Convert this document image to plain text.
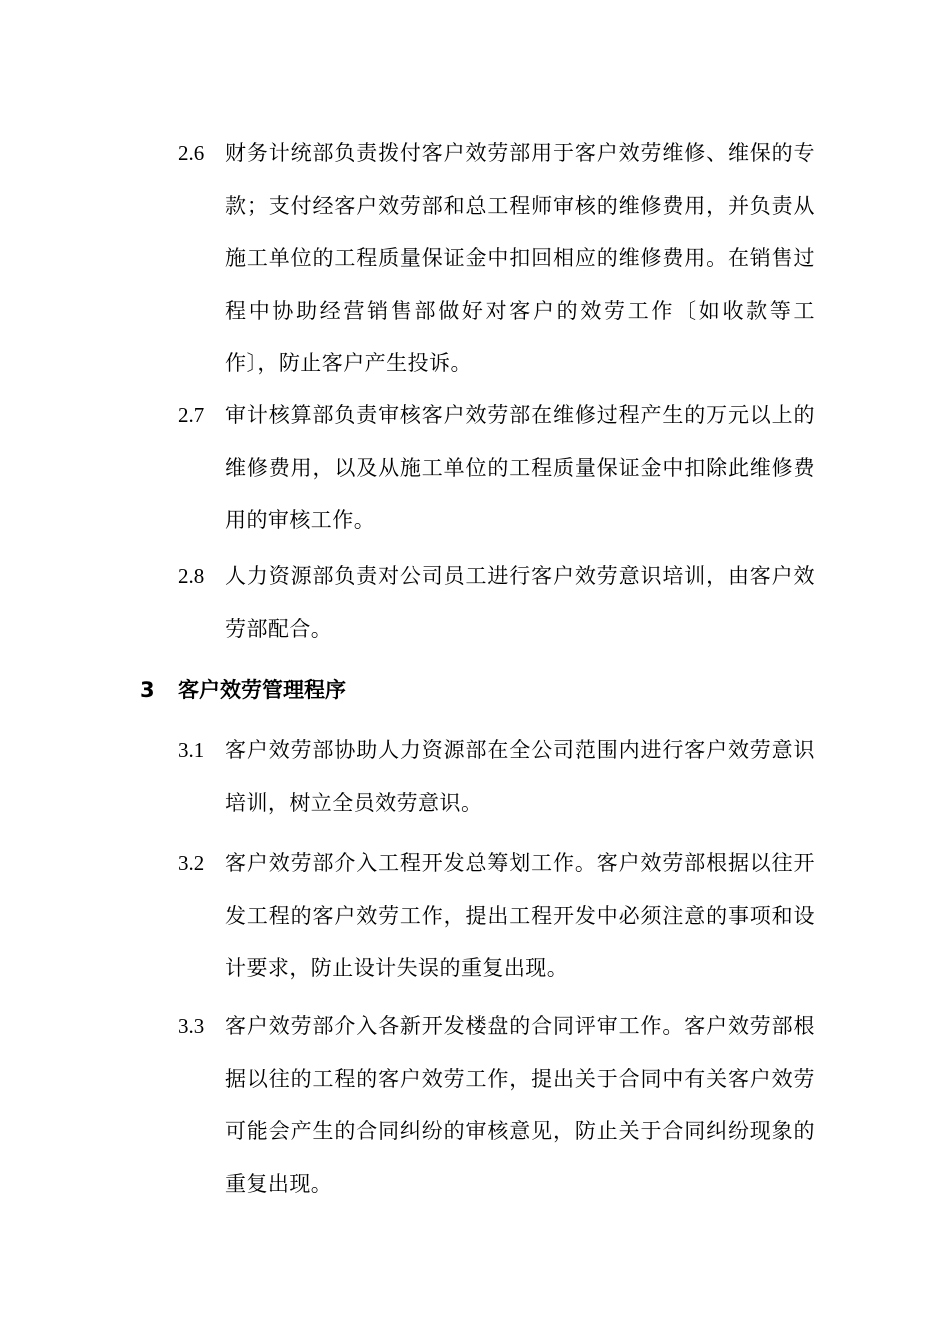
2.6 财务计统部负责拨付客户效劳部用于客户效劳维修、维保的专款；支付经客户效劳部和总工程师审核的维修费用，并负责从施工单位的工程质量保证金中扣回相应的维修费用。在销售过程中协助经营销售部做好对客户的效劳工作〔如收款等工作〕，防止客户产生投诉。
2.7 审计核算部负责审核客户效劳部在维修过程产生的万元以上的维修费用，以及从施工单位的工程质量保证金中扣除此维修费用的审核工作。
2.8 人力资源部负责对公司员工进行客户效劳意识培训，由客户效劳部配合。
3 客户效劳管理程序
3.1 客户效劳部协助人力资源部在全公司范围内进行客户效劳意识培训，树立全员效劳意识。
3.2 客户效劳部介入工程开发总筹划工作。客户效劳部根据以往开发工程的客户效劳工作，提出工程开发中必须注意的事项和设计要求，防止设计失误的重复出现。
3.3 客户效劳部介入各新开发楼盘的合同评审工作。客户效劳部根据以往的工程的客户效劳工作，提出关于合同中有关客户效劳可能会产生的合同纠纷的审核意见，防止关于合同纠纷现象的重复出现。
